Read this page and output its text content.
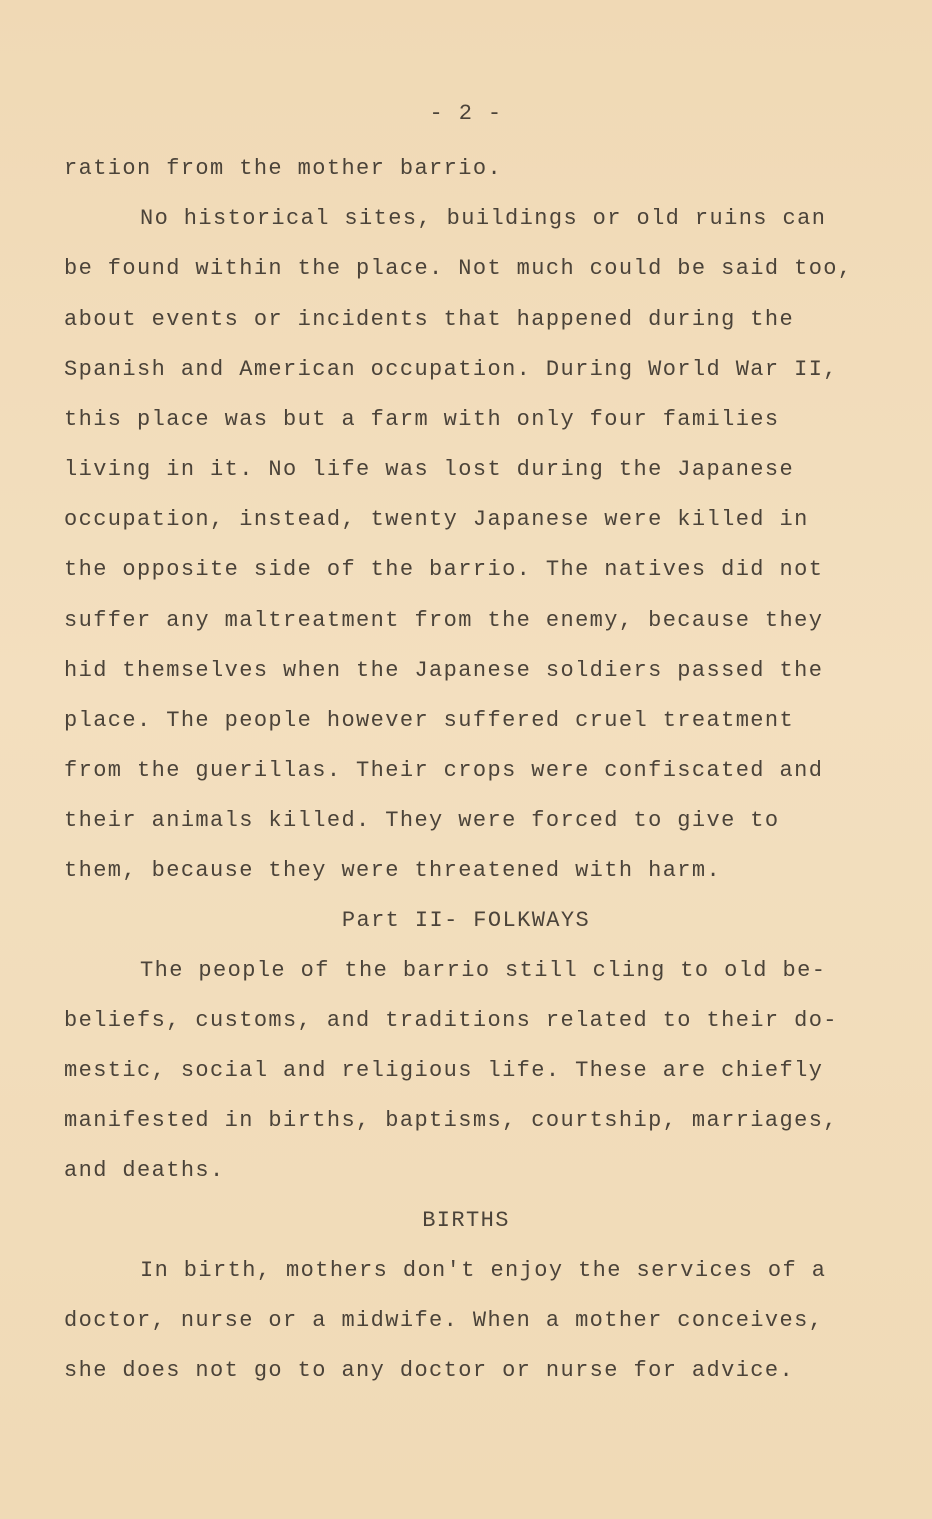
- 2 -
ration from the mother barrio.
No historical sites, buildings or old ruins can
be found within the place. Not much could be said too,
about events or incidents that happened during the
Spanish and American occupation. During World War II,
this place was but a farm with only four families
living in it. No life was lost during the Japanese
occupation, instead, twenty Japanese were killed in
the opposite side of the barrio. The natives did not
suffer any maltreatment from the enemy, because they
hid themselves when the Japanese soldiers passed the
place. The people however suffered cruel treatment
from the guerillas. Their crops were confiscated and
their animals killed. They were forced to give to
them, because they were threatened with harm.
Part II- FOLKWAYS
The people of the barrio still cling to old be-
beliefs, customs, and traditions related to their do-
mestic, social and religious life. These are chiefly
manifested in births, baptisms, courtship, marriages,
and deaths.
BIRTHS
In birth, mothers don't enjoy the services of a
doctor, nurse or a midwife. When a mother conceives,
she does not go to any doctor or nurse for advice.
